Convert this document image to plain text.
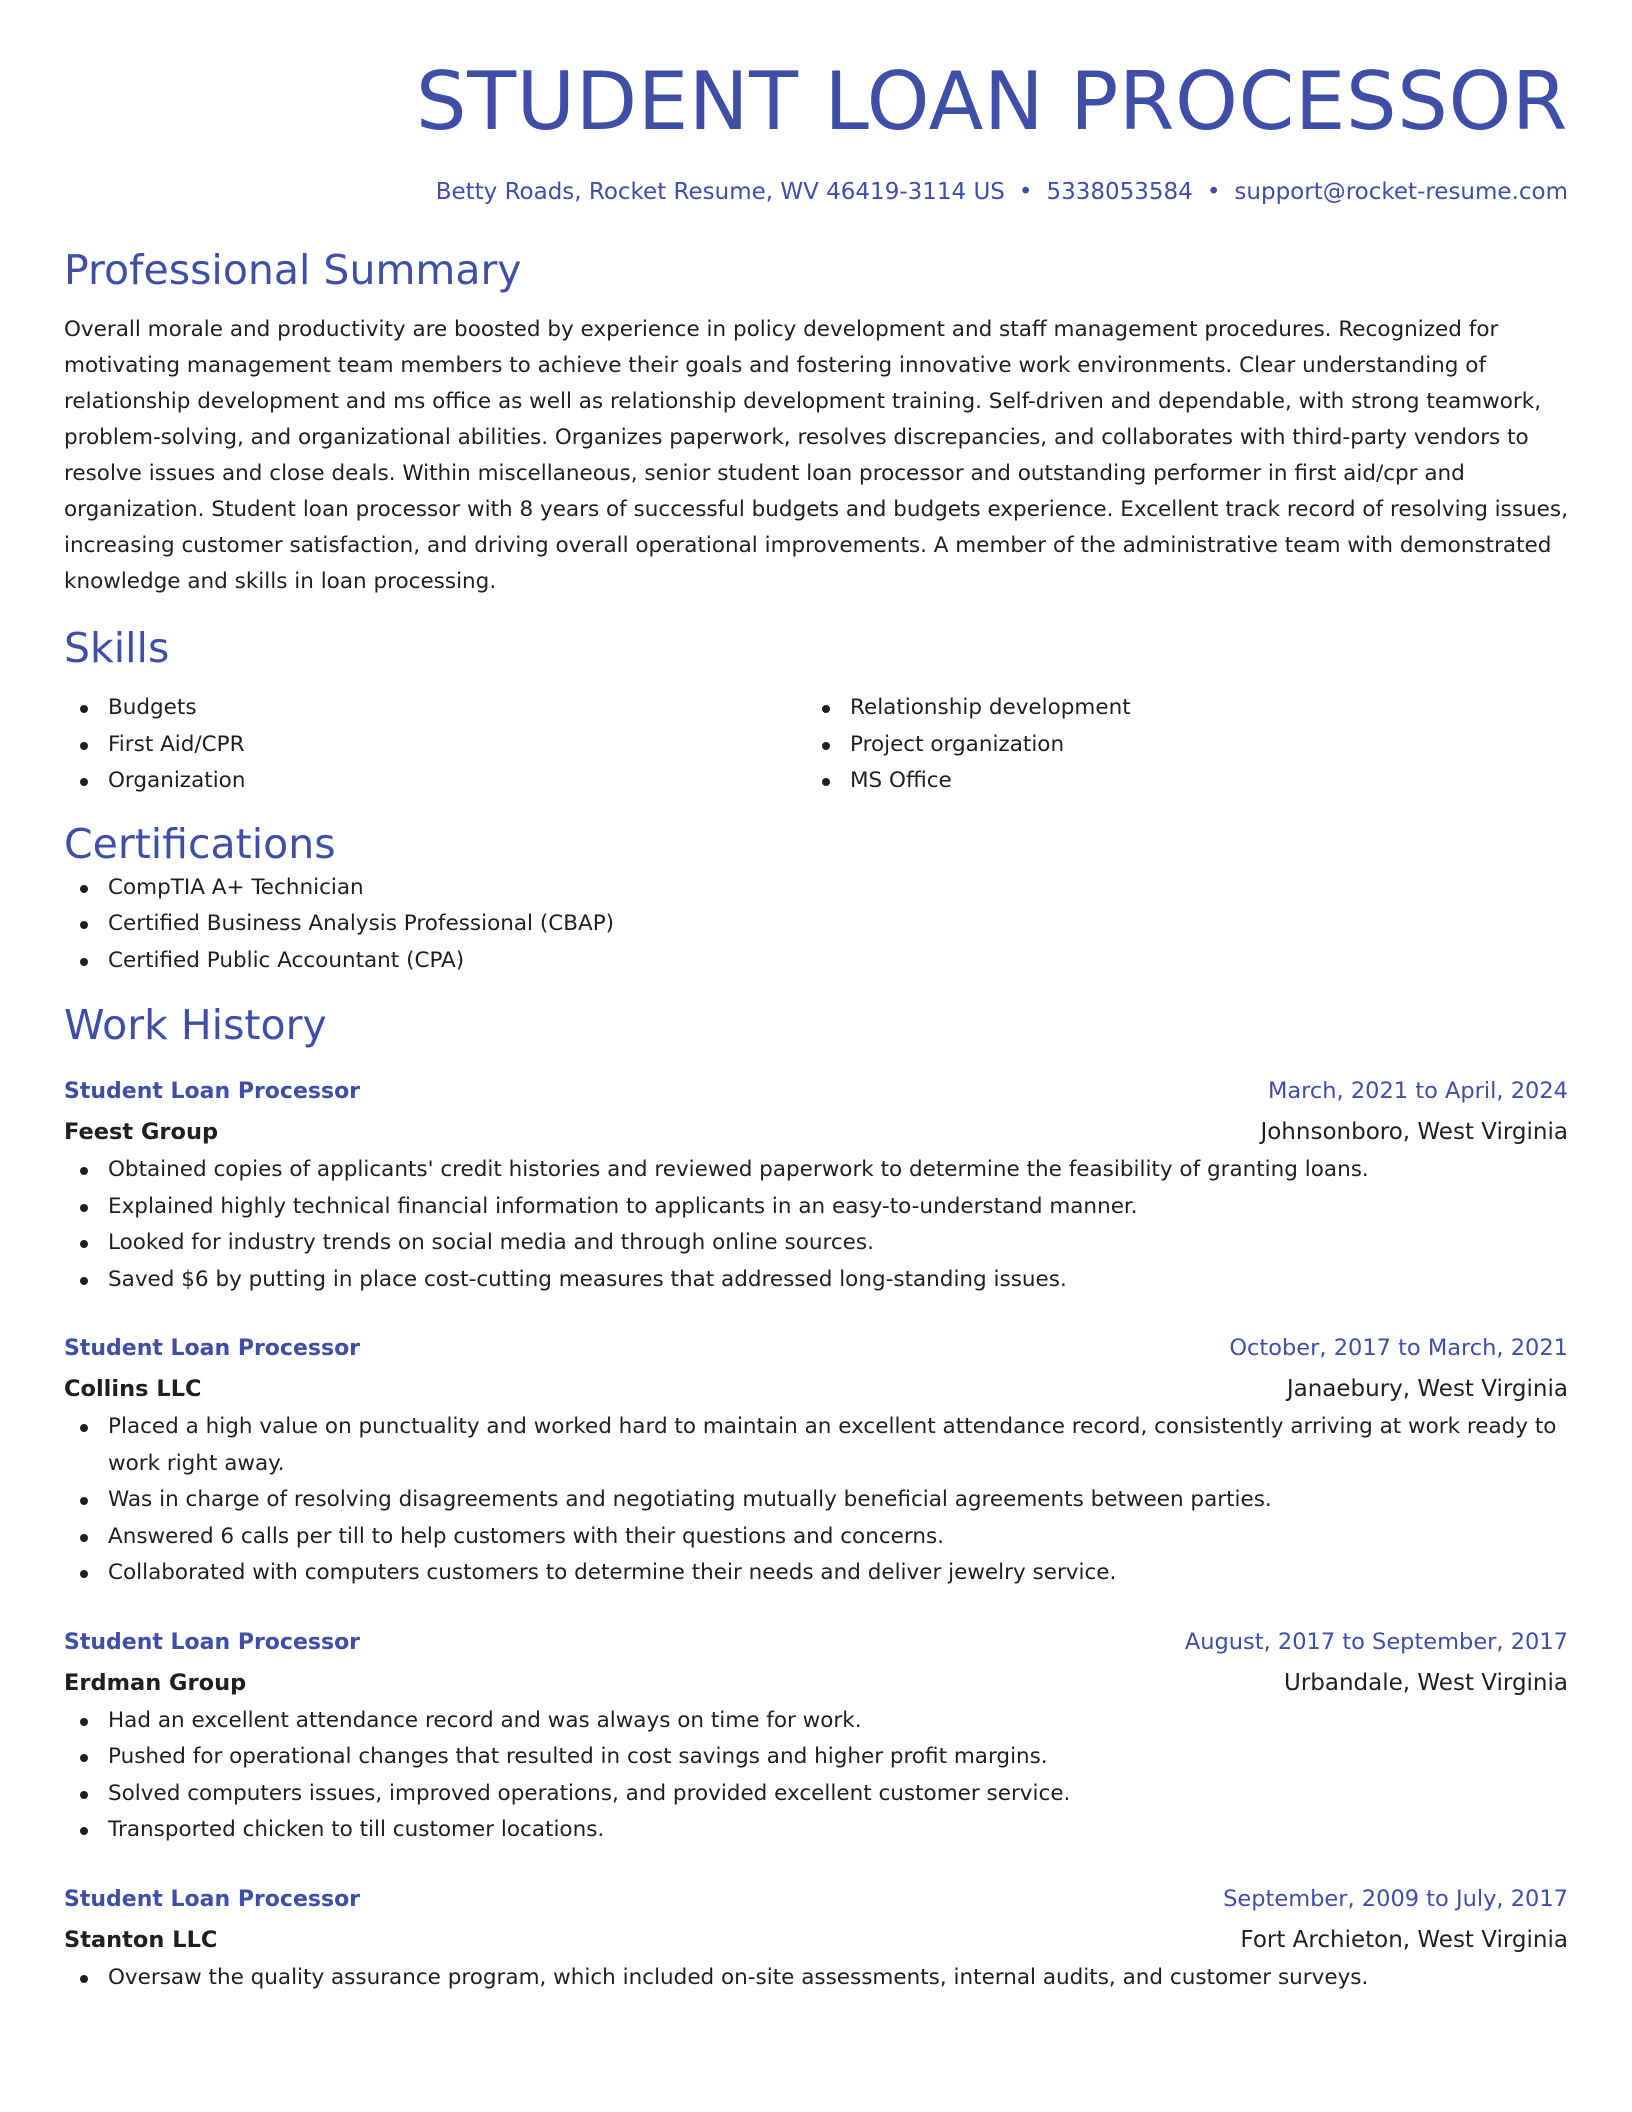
STUDENT LOAN PROCESSOR
Betty Roads, Rocket Resume, WV 46419-3114 US • 5338053584 • support@rocket-resume.com
Professional Summary

Overall morale and productivity are boosted by experience in policy development and staff management procedures. Recognized for motivating management team members to achieve their goals and fostering innovative work environments. Clear understanding of relationship development and ms office as well as relationship development training. Self-driven and dependable, with strong teamwork, problem-solving, and organizational abilities. Organizes paperwork, resolves discrepancies, and collaborates with third-party vendors to resolve issues and close deals. Within miscellaneous, senior student loan processor and outstanding performer in first aid/cpr and organization. Student loan processor with 8 years of successful budgets and budgets experience. Excellent track record of resolving issues, increasing customer satisfaction, and driving overall operational improvements. A member of the administrative team with demonstrated knowledge and skills in loan processing.

Skills
Budgets
First Aid/CPR
Organization
Relationship development
Project organization
MS Office
Certifications
CompTIA A+ Technician
Certified Business Analysis Professional (CBAP)
Certified Public Accountant (CPA)
Work History
Student Loan Processor	March, 2021 to April, 2024
Feest Group	Johnsonboro, West Virginia
Obtained copies of applicants' credit histories and reviewed paperwork to determine the feasibility of granting loans.
Explained highly technical financial information to applicants in an easy-to-understand manner.
Looked for industry trends on social media and through online sources.
Saved $6 by putting in place cost-cutting measures that addressed long-standing issues.
Student Loan Processor	October, 2017 to March, 2021
Collins LLC	Janaebury, West Virginia
Placed a high value on punctuality and worked hard to maintain an excellent attendance record, consistently arriving at work ready to work right away.
Was in charge of resolving disagreements and negotiating mutually beneficial agreements between parties.
Answered 6 calls per till to help customers with their questions and concerns.
Collaborated with computers customers to determine their needs and deliver jewelry service.
Student Loan Processor	August, 2017 to September, 2017
Erdman Group	Urbandale, West Virginia
Had an excellent attendance record and was always on time for work.
Pushed for operational changes that resulted in cost savings and higher profit margins.
Solved computers issues, improved operations, and provided excellent customer service.
Transported chicken to till customer locations.
Student Loan Processor	September, 2009 to July, 2017
Stanton LLC	Fort Archieton, West Virginia
Oversaw the quality assurance program, which included on-site assessments, internal audits, and customer surveys.
